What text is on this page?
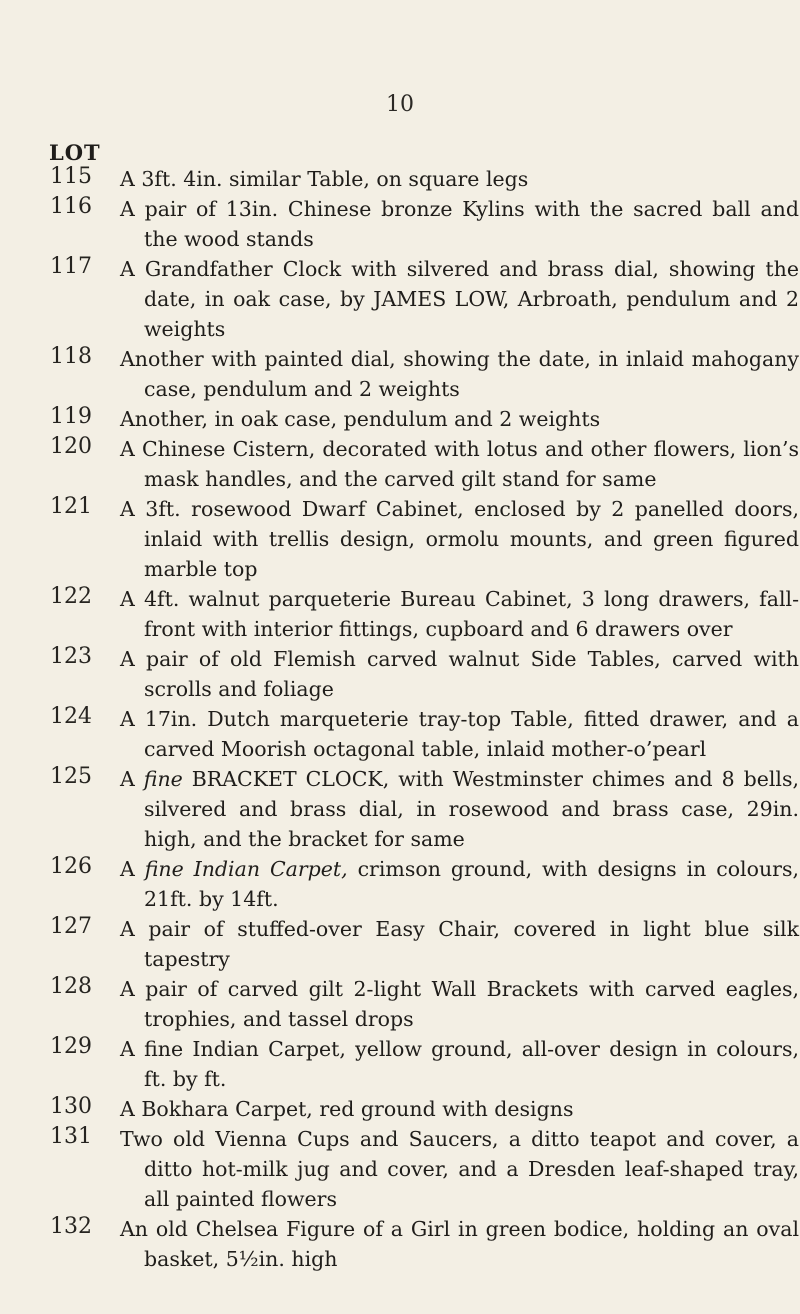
10
LOT
115 A 3ft. 4in. similar Table, on square legs
116 A pair of 13in. Chinese bronze Kylins with the sacred ball and the wood stands
117 A Grandfather Clock with silvered and brass dial, showing the date, in oak case, by JAMES LOW, Arbroath, pendulum and 2 weights
118 Another with painted dial, showing the date, in inlaid mahogany case, pendulum and 2 weights
119 Another, in oak case, pendulum and 2 weights
120 A Chinese Cistern, decorated with lotus and other flowers, lion’s mask handles, and the carved gilt stand for same
121 A 3ft. rosewood Dwarf Cabinet, enclosed by 2 panelled doors, inlaid with trellis design, ormolu mounts, and green figured marble top
122 A 4ft. walnut parqueterie Bureau Cabinet, 3 long drawers, fall-front with interior fittings, cupboard and 6 drawers over
123 A pair of old Flemish carved walnut Side Tables, carved with scrolls and foliage
124 A 17in. Dutch marqueterie tray-top Table, fitted drawer, and a carved Moorish octagonal table, inlaid mother-o’pearl
125 A fine BRACKET CLOCK, with Westminster chimes and 8 bells, silvered and brass dial, in rosewood and brass case, 29in. high, and the bracket for same
126 A fine Indian Carpet, crimson ground, with designs in colours, 21ft. by 14ft.
127 A pair of stuffed-over Easy Chair, covered in light blue silk tapestry
128 A pair of carved gilt 2-light Wall Brackets with carved eagles, trophies, and tassel drops
129 A fine Indian Carpet, yellow ground, all-over design in colours, ft. by ft.
130 A Bokhara Carpet, red ground with designs
131 Two old Vienna Cups and Saucers, a ditto teapot and cover, a ditto hot-milk jug and cover, and a Dresden leaf-shaped tray, all painted flowers
132 An old Chelsea Figure of a Girl in green bodice, holding an oval basket, 5½in. high
